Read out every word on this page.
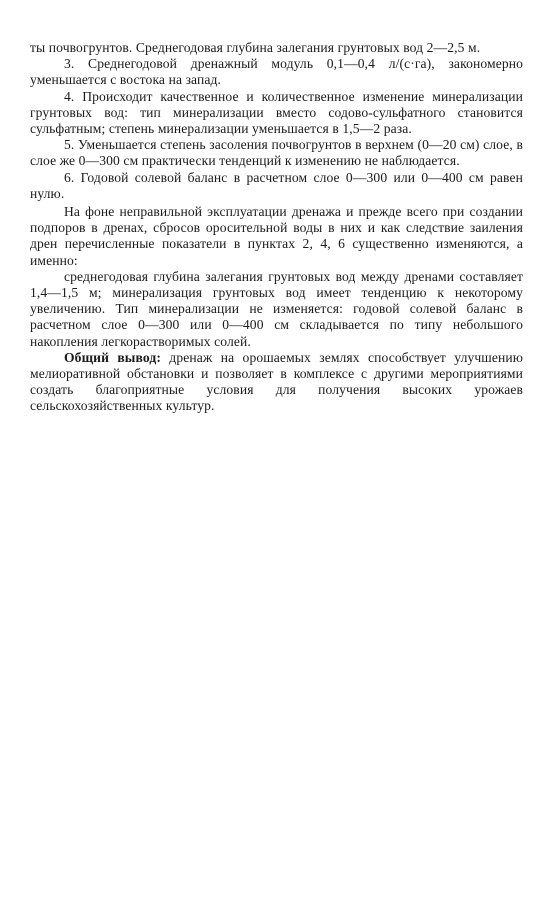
ты почвогрунтов. Среднегодовая глубина залегания грунтовых вод 2—2,5 м.

3. Среднегодовой дренажный модуль 0,1—0,4 л/(с·га), закономерно уменьшается с востока на запад.

4. Происходит качественное и количественное изменение минерализации грунтовых вод: тип минерализации вместо содово-сульфатного становится сульфатным; степень минерализации уменьшается в 1,5—2 раза.

5. Уменьшается степень засоления почвогрунтов в верхнем (0—20 см) слое, в слое же 0—300 см практически тенденций к изменению не наблюдается.

6. Годовой солевой баланс в расчетном слое 0—300 или 0—400 см равен нулю.

На фоне неправильной эксплуатации дренажа и прежде всего при создании подпоров в дренах, сбросов оросительной воды в них и как следствие заиления дрен перечисленные показатели в пунктах 2, 4, 6 существенно изменяются, а именно:

среднегодовая глубина залегания грунтовых вод между дренами составляет 1,4—1,5 м; минерализация грунтовых вод имеет тенденцию к некоторому увеличению. Тип минерализации не изменяется: годовой солевой баланс в расчетном слое 0—300 или 0—400 см складывается по типу небольшого накопления легкорастворимых солей.

Общий вывод: дренаж на орошаемых землях способствует улучшению мелиоративной обстановки и позволяет в комплексе с другими мероприятиями создать благоприятные условия для получения высоких урожаев сельскохозяйственных культур.
